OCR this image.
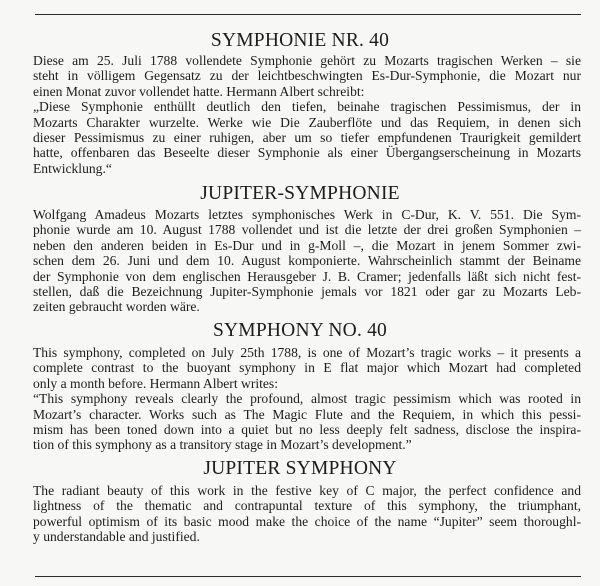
SYMPHONIE NR. 40
Diese am 25. Juli 1788 vollendete Symphonie gehört zu Mozarts tragischen Werken – sie
steht in völligem Gegensatz zu der leichtbeschwingten Es-Dur-Symphonie, die Mozart nur
einen Monat zuvor vollendet hatte. Hermann Albert schreibt:
„Diese Symphonie enthüllt deutlich den tiefen, beinahe tragischen Pessimismus, der in
Mozarts Charakter wurzelte. Werke wie Die Zauberflöte und das Requiem, in denen sich
dieser Pessimismus zu einer ruhigen, aber um so tiefer empfundenen Traurigkeit gemildert
hatte, offenbaren das Beseelte dieser Symphonie als einer Übergangserscheinung in Mozarts
Entwicklung.“
JUPITER-SYMPHONIE
Wolfgang Amadeus Mozarts letztes symphonisches Werk in C-Dur, K. V. 551. Die Sym-
phonie wurde am 10. August 1788 vollendet und ist die letzte der drei großen Symphonien –
neben den anderen beiden in Es-Dur und in g-Moll –, die Mozart in jenem Sommer zwi-
schen dem 26. Juni und dem 10. August komponierte. Wahrscheinlich stammt der Beiname
der Symphonie von dem englischen Herausgeber J. B. Cramer; jedenfalls läßt sich nicht fest-
stellen, daß die Bezeichnung Jupiter-Symphonie jemals vor 1821 oder gar zu Mozarts Leb-
zeiten gebraucht worden wäre.
SYMPHONY NO. 40
This symphony, completed on July 25th 1788, is one of Mozart’s tragic works – it presents a
complete contrast to the buoyant symphony in E flat major which Mozart had completed
only a month before. Hermann Albert writes:
“This symphony reveals clearly the profound, almost tragic pessimism which was rooted in
Mozart’s character. Works such as The Magic Flute and the Requiem, in which this pessi-
mism has been toned down into a quiet but no less deeply felt sadness, disclose the inspira-
tion of this symphony as a transitory stage in Mozart’s development.”
JUPITER SYMPHONY
The radiant beauty of this work in the festive key of C major, the perfect confidence and
lightness of the thematic and contrapuntal texture of this symphony, the triumphant,
powerful optimism of its basic mood make the choice of the name “Jupiter” seem thoroughl-
y understandable and justified.
